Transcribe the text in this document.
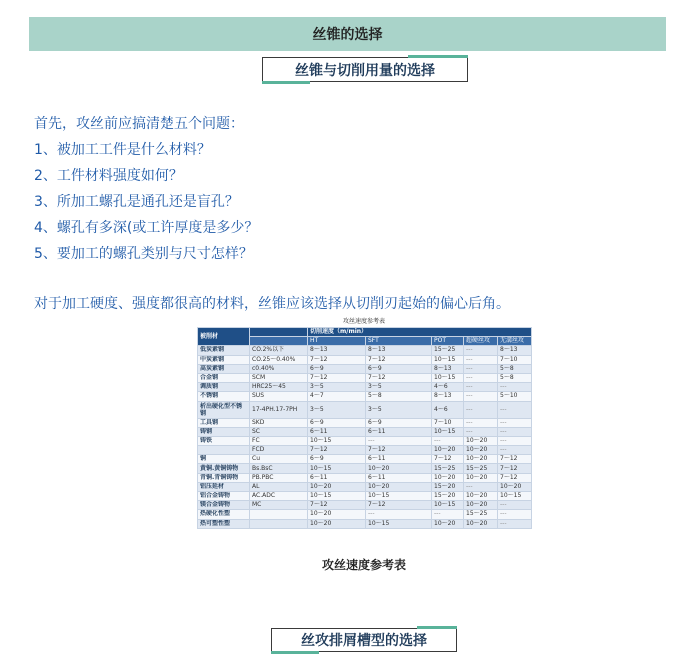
丝锥的选择
丝锥与切削用量的选择
首先，攻丝前应搞清楚五个问题：
1、被加工工件是什么材料？
2、工件材料强度如何？
3、所加工螺孔是通孔还是盲孔？
4、螺孔有多深(或工许厚度是多少？
5、要加工的螺孔类别与尺寸怎样？
对于加工硬度、强度都很高的材料，丝锥应该选择从切削刃起始的偏心后角。
攻丝速度参考表
被削材		切削速度（m/min）				
		HT	SFT	POT	超硬丝攻	无溝丝攻
低炭素钢	CO.2%以下	8～13	8～13	15～25	---	8～13
中炭素钢	CO.25～0.40%	7～12	7～12	10～15	---	7～10
高炭素钢	c0.40%	6～9	6～9	8～13	---	5～8
合金钢	SCM	7～12	7～12	10～15	---	5～8
调质钢	HRC25～45	3～5	3～5	4～6	---	---
不锈钢	SUS	4～7	5～8	8～13	---	5～10
析出硬化型不锈钢	17-4PH.17-7PH	3～5	3～5	4～6	---	---
工具钢	SKD	6～9	6～9	7～10	---	---
铸钢	SC	6～11	6～11	10～15	---	---
铸铁	FC	10～15	---	---	10～20	---
	FCD	7～12	7～12	10～20	10～20	---
铜	Cu	6～9	6～11	7～12	10～20	7～12
黄铜.黄铜铸物	Bs.BsC	10～15	10～20	15～25	15～25	7～12
青铜.青铜铸物	PB.PBC	6～11	6～11	10～20	10～20	7～12
铝压延材	AL	10～20	10～20	15～20	---	10～20
铝合金铸物	AC.ADC	10～15	10～15	15～20	10～20	10～15
镁合金铸物	MC	7～12	7～12	10～15	10～20	---
热硬化性塑		10～20	---	---	15～25	---
热可塑性塑		10～20	10～15	10～20	10～20	---
攻丝速度参考表
丝攻排屑槽型的选择
